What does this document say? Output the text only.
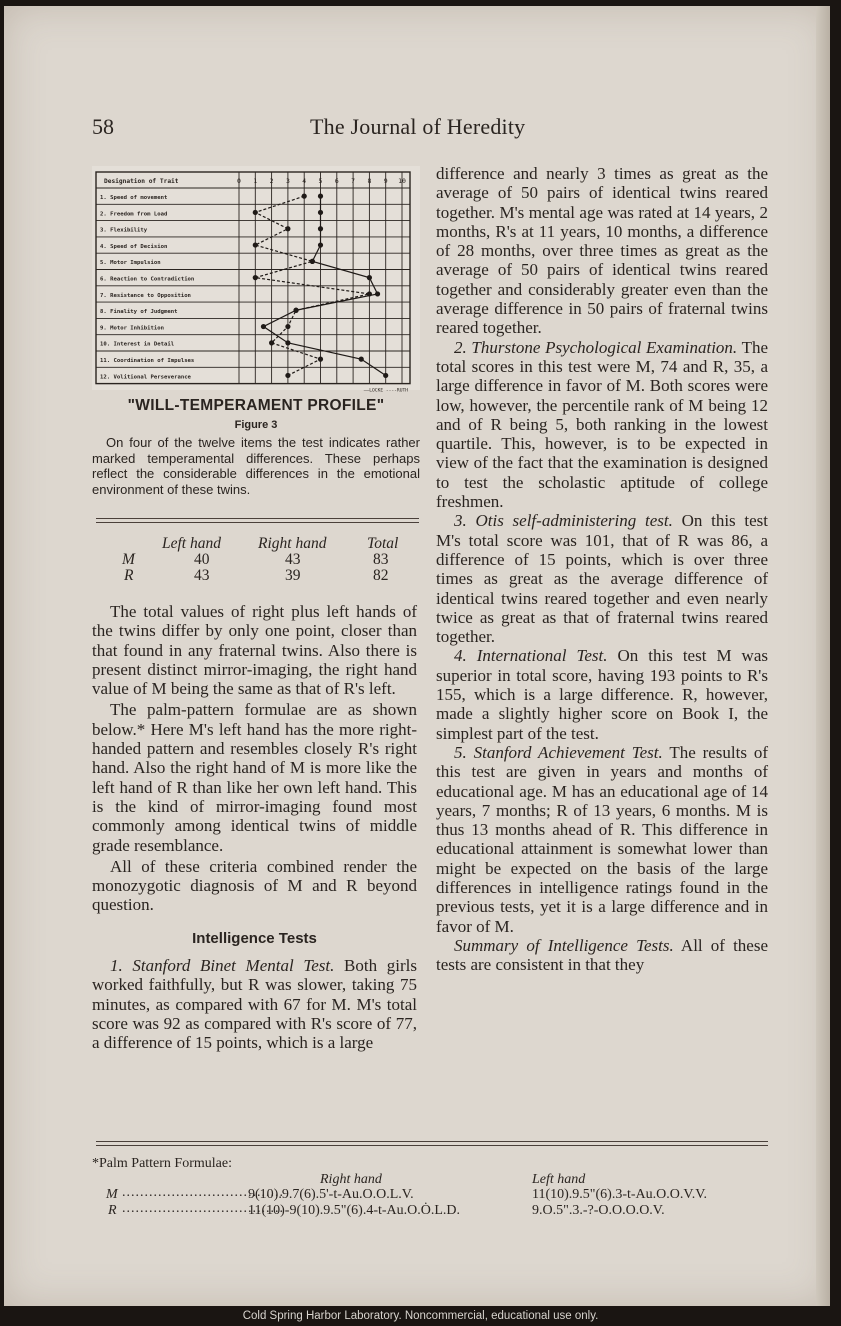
58	The Journal of Heredity
Designation of Trait	0 1 2 3 4 5 6 7 8 9 10
1. Speed of movement
2. Freedom from Load
3. Flexibility
4. Speed of Decision
5. Motor Impulsion
6. Reaction to Contradiction
7. Resistance to Opposition
8. Finality of Judgment
9. Motor Inhibition
10. Interest in Detail
11. Coordination of Impulses
12. Volitional Perseverance
——LOCKE ----RUTH
"WILL-TEMPERAMENT PROFILE"
Figure 3
On four of the twelve items the test indicates rather marked temperamental differences. These perhaps reflect the considerable differences in the emotional environment of these twins.
Left hand Right hand	Total
M	40	43	83
R	43	39	82

The total values of right plus left hands of the twins differ by only one point, closer than that found in any fraternal twins. Also there is present distinct mirror-imaging, the right hand value of M being the same as that of R's left.

The palm-pattern formulae are as shown below.* Here M's left hand has the more right-handed pattern and resembles closely R's right hand. Also the right hand of M is more like the left hand of R than like her own left hand. This is the kind of mirror-imaging found most commonly among identical twins of middle grade resemblance.

All of these criteria combined render the monozygotic diagnosis of M and R beyond question.

Intelligence Tests

1. Stanford Binet Mental Test. Both girls worked faithfully, but R was slower, taking 75 minutes, as compared with 67 for M. M's total score was 92 as compared with R's score of 77, a difference of 15 points, which is a large

difference and nearly 3 times as great as the average of 50 pairs of identical twins reared together. M's mental age was rated at 14 years, 2 months, R's at 11 years, 10 months, a difference of 28 months, over three times as great as the average of 50 pairs of identical twins reared together and considerably greater even than the average difference in 50 pairs of fraternal twins reared together.

2. Thurstone Psychological Examination. The total scores in this test were M, 74 and R, 35, a large difference in favor of M. Both scores were low, however, the percentile rank of M being 12 and of R being 5, both ranking in the lowest quartile. This, however, is to be expected in view of the fact that the examination is designed to test the scholastic aptitude of college freshmen.

3. Otis self-administering test. On this test M's total score was 101, that of R was 86, a difference of 15 points, which is over three times as great as the average difference of identical twins reared together and even nearly twice as great as that of fraternal twins reared together.

4. International Test. On this test M was superior in total score, having 193 points to R's 155, which is a large difference. R, however, made a slightly higher score on Book I, the simplest part of the test.

5. Stanford Achievement Test. The results of this test are given in years and months of educational age. M has an educational age of 14 years, 7 months; R of 13 years, 6 months. M is thus 13 months ahead of R. This difference in educational attainment is somewhat lower than might be expected on the basis of the large differences in intelligence ratings found in the previous tests, yet it is a large difference and in favor of M.

Summary of Intelligence Tests. All of these tests are consistent in that they

*Palm Pattern Formulae:
Right hand	Left hand
M ....................................
9(10).9.7(6).5'-t-Au.O.O.L.V.	11(10).9.5"(6).3-t-Au.O.O.V.V.
R ....................................
11(10)-9(10).9.5"(6).4-t-Au.O.Ȯ.L.D.	9.O.5".3.-?-O.O.O.O.V.
Cold Spring Harbor Laboratory. Noncommercial, educational use only.
